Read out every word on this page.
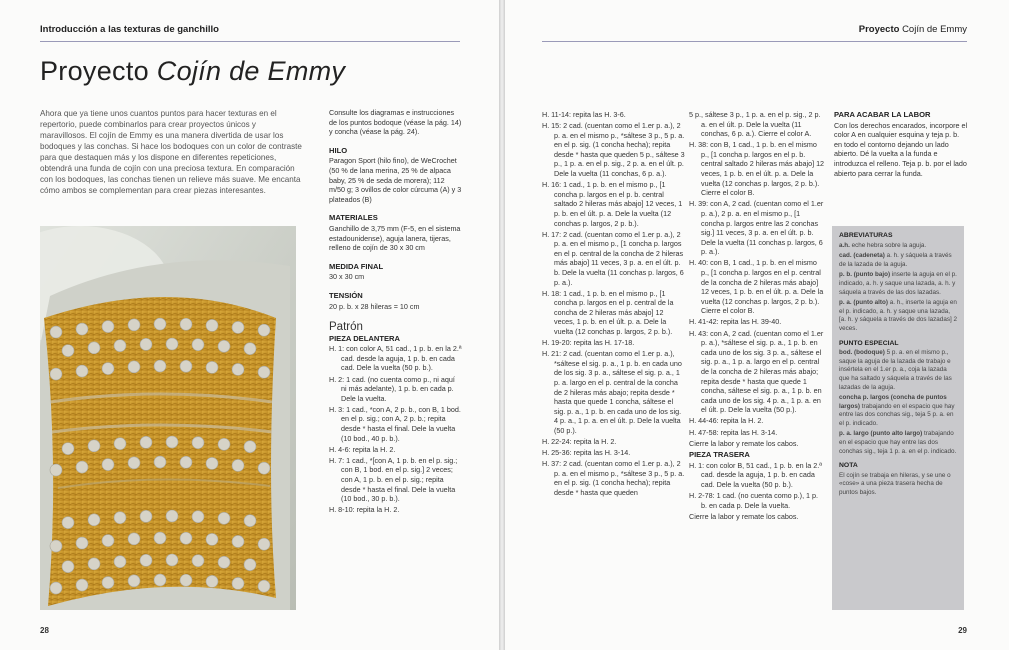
Introducción a las texturas de ganchillo
Proyecto Cojín de Emmy
Ahora que ya tiene unos cuantos puntos para hacer texturas en el repertorio, puede combinarlos para crear proyectos únicos y maravillosos. El cojín de Emmy es una manera divertida de usar los bodoques y las conchas. Si hace los bodoques con un color de contraste para que destaquen más y los dispone en diferentes repeticiones, obtendrá una funda de cojín con una preciosa textura. En comparación con los bodoques, las conchas tienen un relieve más suave. Me encanta cómo ambos se complementan para crear piezas interesantes.

Consulte los diagramas e instrucciones de los puntos bodoque (véase la pág. 14) y concha (véase la pág. 24).

HILO

Paragon Sport (hilo fino), de WeCrochet (50 % de lana merina, 25 % de alpaca baby, 25 % de seda de morera); 112 m/50 g; 3 ovillos de color cúrcuma (A) y 3 plateados (B)

MATERIALES

Ganchillo de 3,75 mm (F-5, en el sistema estadounidense), aguja lanera, tijeras, relleno de cojín de 30 x 30 cm

MEDIDA FINAL

30 x 30 cm

TENSIÓN

20 p. b. x 28 hileras = 10 cm

Patrón
PIEZA DELANTERA

H. 1: con color A, 51 cad., 1 p. b. en la 2.ª cad. desde la aguja, 1 p. b. en cada cad. Dele la vuelta (50 p. b.).

H. 2: 1 cad. (no cuenta como p., ni aquí ni más adelante), 1 p. b. en cada p. Dele la vuelta.

H. 3: 1 cad., *con A, 2 p. b., con B, 1 bod. en el p. sig.; con A, 2 p. b.; repita desde * hasta el final. Dele la vuelta (10 bod., 40 p. b.).

H. 4-6: repita la H. 2.

H. 7: 1 cad., *[con A, 1 p. b. en el p. sig.; con B, 1 bod. en el p. sig.] 2 veces; con A, 1 p. b. en el p. sig.; repita desde * hasta el final. Dele la vuelta (10 bod., 30 p. b.).

H. 8-10: repita la H. 2.

28
Proyecto Cojín de Emmy

H. 11-14: repita las H. 3-6.

H. 15: 2 cad. (cuentan como el 1.er p. a.), 2 p. a. en el mismo p., *sáltese 3 p., 5 p. a. en el p. sig. (1 concha hecha); repita desde * hasta que queden 5 p., sáltese 3 p., 1 p. a. en el p. sig., 2 p. a. en el últ. p. Dele la vuelta (11 conchas, 6 p. a.).

H. 16: 1 cad., 1 p. b. en el mismo p., [1 concha p. largos en el p. b. central saltado 2 hileras más abajo] 12 veces, 1 p. b. en el últ. p. a. Dele la vuelta (12 conchas p. largos, 2 p. b.).

H. 17: 2 cad. (cuentan como el 1.er p. a.), 2 p. a. en el mismo p., [1 concha p. largos en el p. central de la concha de 2 hileras más abajo] 11 veces, 3 p. a. en el últ. p. b. Dele la vuelta (11 conchas p. largos, 6 p. a.).

H. 18: 1 cad., 1 p. b. en el mismo p., [1 concha p. largos en el p. central de la concha de 2 hileras más abajo] 12 veces, 1 p. b. en el últ. p. a. Dele la vuelta (12 conchas p. largos, 2 p. b.).

H. 19-20: repita las H. 17-18.

H. 21: 2 cad. (cuentan como el 1.er p. a.), *sáltese el sig. p. a., 1 p. b. en cada uno de los sig. 3 p. a., sáltese el sig. p. a., 1 p. a. largo en el p. central de la concha de 2 hileras más abajo; repita desde * hasta que quede 1 concha, sáltese el sig. p. a., 1 p. b. en cada uno de los sig. 4 p. a., 1 p. a. en el últ. p. Dele la vuelta (50 p.).

H. 22-24: repita la H. 2.

H. 25-36: repita las H. 3-14.

H. 37: 2 cad. (cuentan como el 1.er p. a.), 2 p. a. en el mismo p., *sáltese 3 p., 5 p. a. en el p. sig. (1 concha hecha); repita desde * hasta que queden

5 p., sáltese 3 p., 1 p. a. en el p. sig., 2 p. a. en el últ. p. Dele la vuelta (11 conchas, 6 p. a.). Cierre el color A.

H. 38: con B, 1 cad., 1 p. b. en el mismo p., [1 concha p. largos en el p. b. central saltado 2 hileras más abajo] 12 veces, 1 p. b. en el últ. p. a. Dele la vuelta (12 conchas p. largos, 2 p. b.). Cierre el color B.

H. 39: con A, 2 cad. (cuentan como el 1.er p. a.), 2 p. a. en el mismo p., [1 concha p. largos entre las 2 conchas sig.] 11 veces, 3 p. a. en el últ. p. b. Dele la vuelta (11 conchas p. largos, 6 p. a.).

H. 40: con B, 1 cad., 1 p. b. en el mismo p., [1 concha p. largos en el p. central de la concha de 2 hileras más abajo] 12 veces, 1 p. b. en el últ. p. a. Dele la vuelta (12 conchas p. largos, 2 p. b.). Cierre el color B.

H. 41-42: repita las H. 39-40.

H. 43: con A, 2 cad. (cuentan como el 1.er p. a.), *sáltese el sig. p. a., 1 p. b. en cada uno de los sig. 3 p. a., sáltese el sig. p. a., 1 p. a. largo en el p. central de la concha de 2 hileras más abajo; repita desde * hasta que quede 1 concha, sáltese el sig. p. a., 1 p. b. en cada uno de los sig. 4 p. a., 1 p. a. en el últ. p. Dele la vuelta (50 p.).

H. 44-46: repita la H. 2.

H. 47-58: repita las H. 3-14.

Cierre la labor y remate los cabos.

PIEZA TRASERA

H. 1: con color B, 51 cad., 1 p. b. en la 2.ª cad. desde la aguja, 1 p. b. en cada cad. Dele la vuelta (50 p. b.).

H. 2-78: 1 cad. (no cuenta como p.), 1 p. b. en cada p. Dele la vuelta.

Cierre la labor y remate los cabos.

PARA ACABAR LA LABOR

Con los derechos encarados, incorpore el color A en cualquier esquina y teja p. b. en todo el contorno dejando un lado abierto. Dé la vuelta a la funda e introduzca el relleno. Teja p. b. por el lado abierto para cerrar la funda.

ABREVIATURAS

a.h. eche hebra sobre la aguja.

cad. (cadeneta) a. h. y sáquela a través de la lazada de la aguja.

p. b. (punto bajo) inserte la aguja en el p. indicado, a. h. y saque una lazada, a. h. y sáquela a través de las dos lazadas.

p. a. (punto alto) a. h., inserte la aguja en el p. indicado, a. h. y saque una lazada, [a. h. y sáquela a través de dos lazadas] 2 veces.

PUNTO ESPECIAL

bod. (bodoque) 5 p. a. en el mismo p., saque la aguja de la lazada de trabajo e insértela en el 1.er p. a., coja la lazada que ha saltado y sáquela a través de las lazadas de la aguja.

concha p. largos (concha de puntos largos) trabajando en el espacio que hay entre las dos conchas sig., teja 5 p. a. en el p. indicado.

p. a. largo (punto alto largo) trabajando en el espacio que hay entre las dos conchas sig., teja 1 p. a. en el p. indicado.

NOTA

El cojín se trabaja en hileras, y se une o «cose» a una pieza trasera hecha de puntos bajos.

29
